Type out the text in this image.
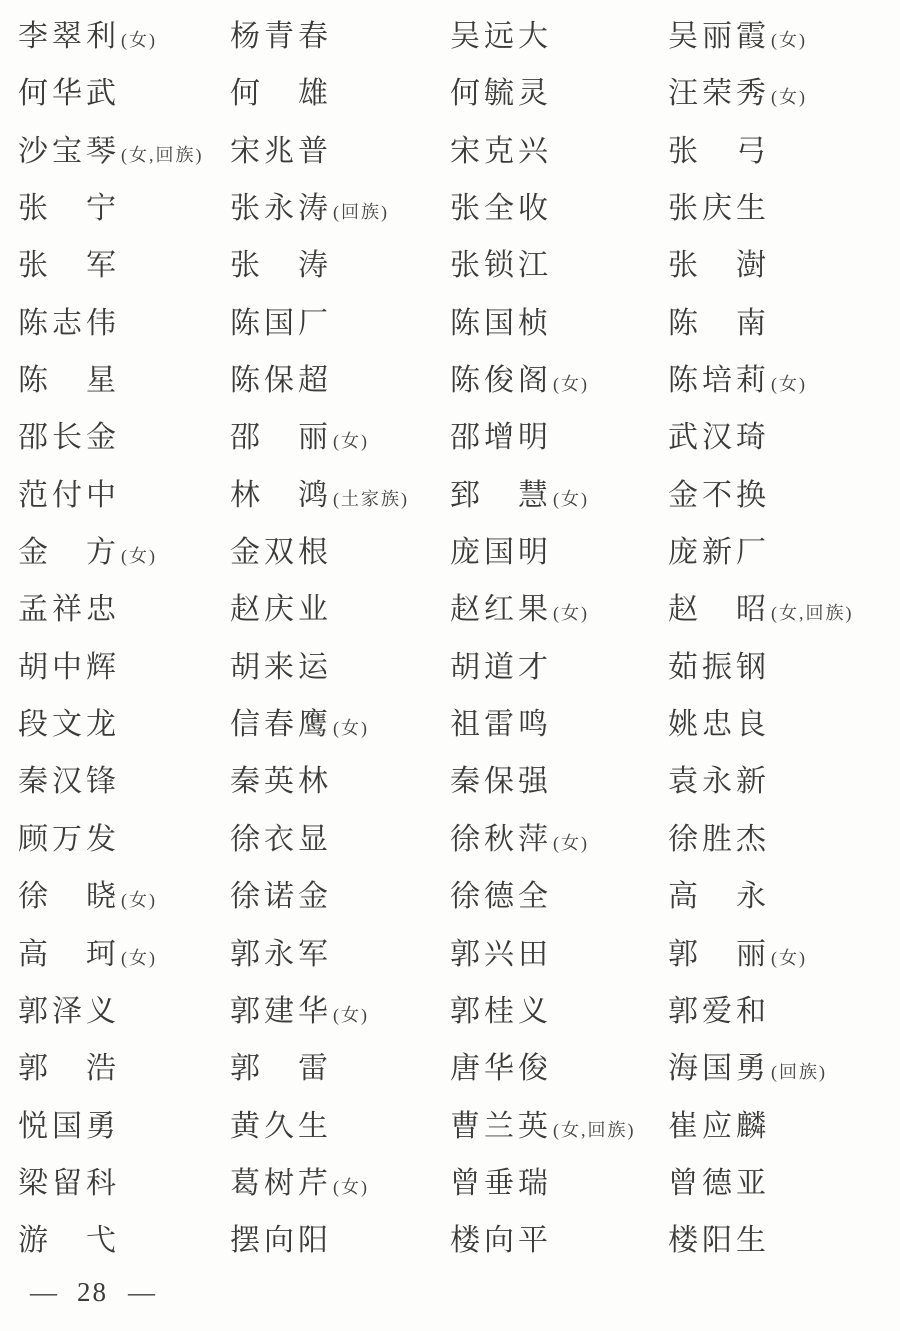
李翠利(女)	杨青春	吴远大	吴丽霞(女)
何华武	何　雄	何毓灵	汪荣秀(女)
沙宝琴(女,回族) 宋兆普	宋克兴	张　弓
张　宁	张永涛(回族)	张全收	张庆生
张　军	张　涛	张锁江	张　澍
陈志伟	陈国厂	陈国桢	陈　南
陈　星	陈保超	陈俊阁(女)	陈培莉(女)
邵长金	邵　丽(女)	邵增明	武汉琦
范付中	林　鸿(土家族)	郅　慧(女)	金不换
金　方(女)	金双根	庞国明	庞新厂
孟祥忠	赵庆业	赵红果(女)	赵　昭(女,回族)
胡中辉	胡来运	胡道才	茹振钢
段文龙	信春鹰(女)	祖雷鸣	姚忠良
秦汉锋	秦英林	秦保强	袁永新
顾万发	徐衣显	徐秋萍(女)	徐胜杰
徐　晓(女)	徐诺金	徐德全	高　永
高　珂(女)	郭永军	郭兴田	郭　丽(女)
郭泽义	郭建华(女)	郭桂义	郭爱和
郭　浩	郭　雷	唐华俊	海国勇(回族)
悦国勇	黄久生	曹兰英(女,回族)	崔应麟
梁留科	葛树芹(女)	曾垂瑞	曾德亚
游　弋	摆向阳	楼向平	楼阳生
— 28 —
